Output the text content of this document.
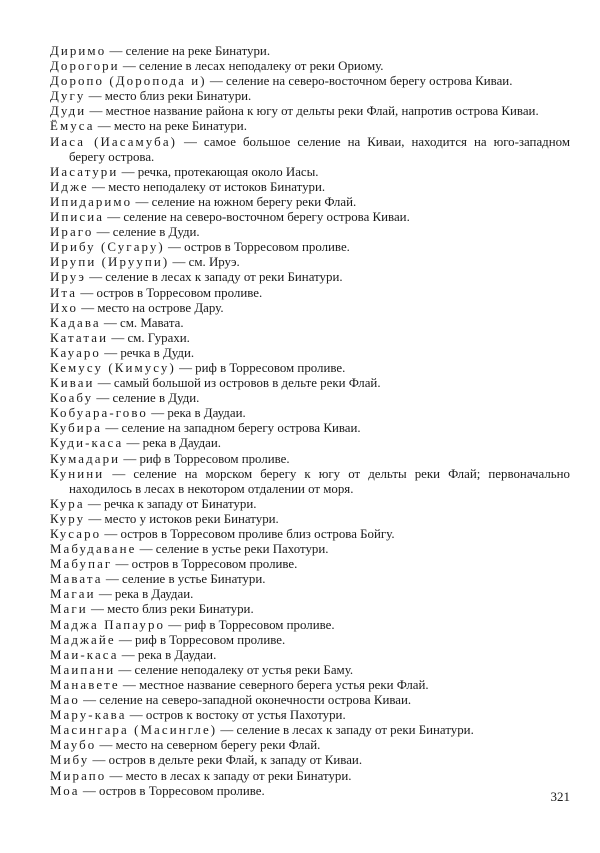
Диримо — селение на реке Бинатури.

Дорогори — селение в лесах неподалеку от реки Ориому.

Доропо (Доропода и) — селение на северо-восточном берегу острова Киваи.

Дугу — место близ реки Бинатури.

Дуди — местное название района к югу от дельты реки Флай, напротив острова Киваи.

Ёмуса — место на реке Бинатури.

Иаса (Иасамуба) — самое большое селение на Киваи, находится на юго-западном берегу острова.

Иасатури — речка, протекающая около Иасы.

Идже — место неподалеку от истоков Бинатури.

Ипидаримо — селение на южном берегу реки Флай.

Иписиа — селение на северо-восточном берегу острова Киваи.

Ираго — селение в Дуди.

Ирибу (Сугару) — остров в Торресовом проливе.

Ирупи (Ируупи) — см. Ируэ.

Ируэ — селение в лесах к западу от реки Бинатури.

Ита — остров в Торресовом проливе.

Ихо — место на острове Дару.

Кадава — см. Мавата.

Кататаи — см. Гурахи.

Кауаро — речка в Дуди.

Кемусу (Кимусу) — риф в Торресовом проливе.

Киваи — самый большой из островов в дельте реки Флай.

Коабу — селение в Дуди.

Кобуара-гово — река в Даудаи.

Кубира — селение на западном берегу острова Киваи.

Куди-каса — река в Даудаи.

Кумадари — риф в Торресовом проливе.

Кунини — селение на морском берегу к югу от дельты реки Флай; первоначально находилось в лесах в некотором отдалении от моря.

Кура — речка к западу от Бинатури.

Куру — место у истоков реки Бинатури.

Кусаро — остров в Торресовом проливе близ острова Бойгу.

Мабудаване — селение в устье реки Пахотури.

Мабупаг — остров в Торресовом проливе.

Мавата — селение в устье Бинатури.

Магаи — река в Даудаи.

Маги — место близ реки Бинатури.

Маджа Папауро — риф в Торресовом проливе.

Маджайе — риф в Торресовом проливе.

Маи-каса — река в Даудаи.

Маипани — селение неподалеку от устья реки Баму.

Манавете — местное название северного берега устья реки Флай.

Мао — селение на северо-западной оконечности острова Киваи.

Мару-кава — остров к востоку от устья Пахотури.

Масингара (Масингле) — селение в лесах к западу от реки Бинатури.

Маубо — место на северном берегу реки Флай.

Мибу — остров в дельте реки Флай, к западу от Киваи.

Мирапо — место в лесах к западу от реки Бинатури.

Моа — остров в Торресовом проливе.	321
